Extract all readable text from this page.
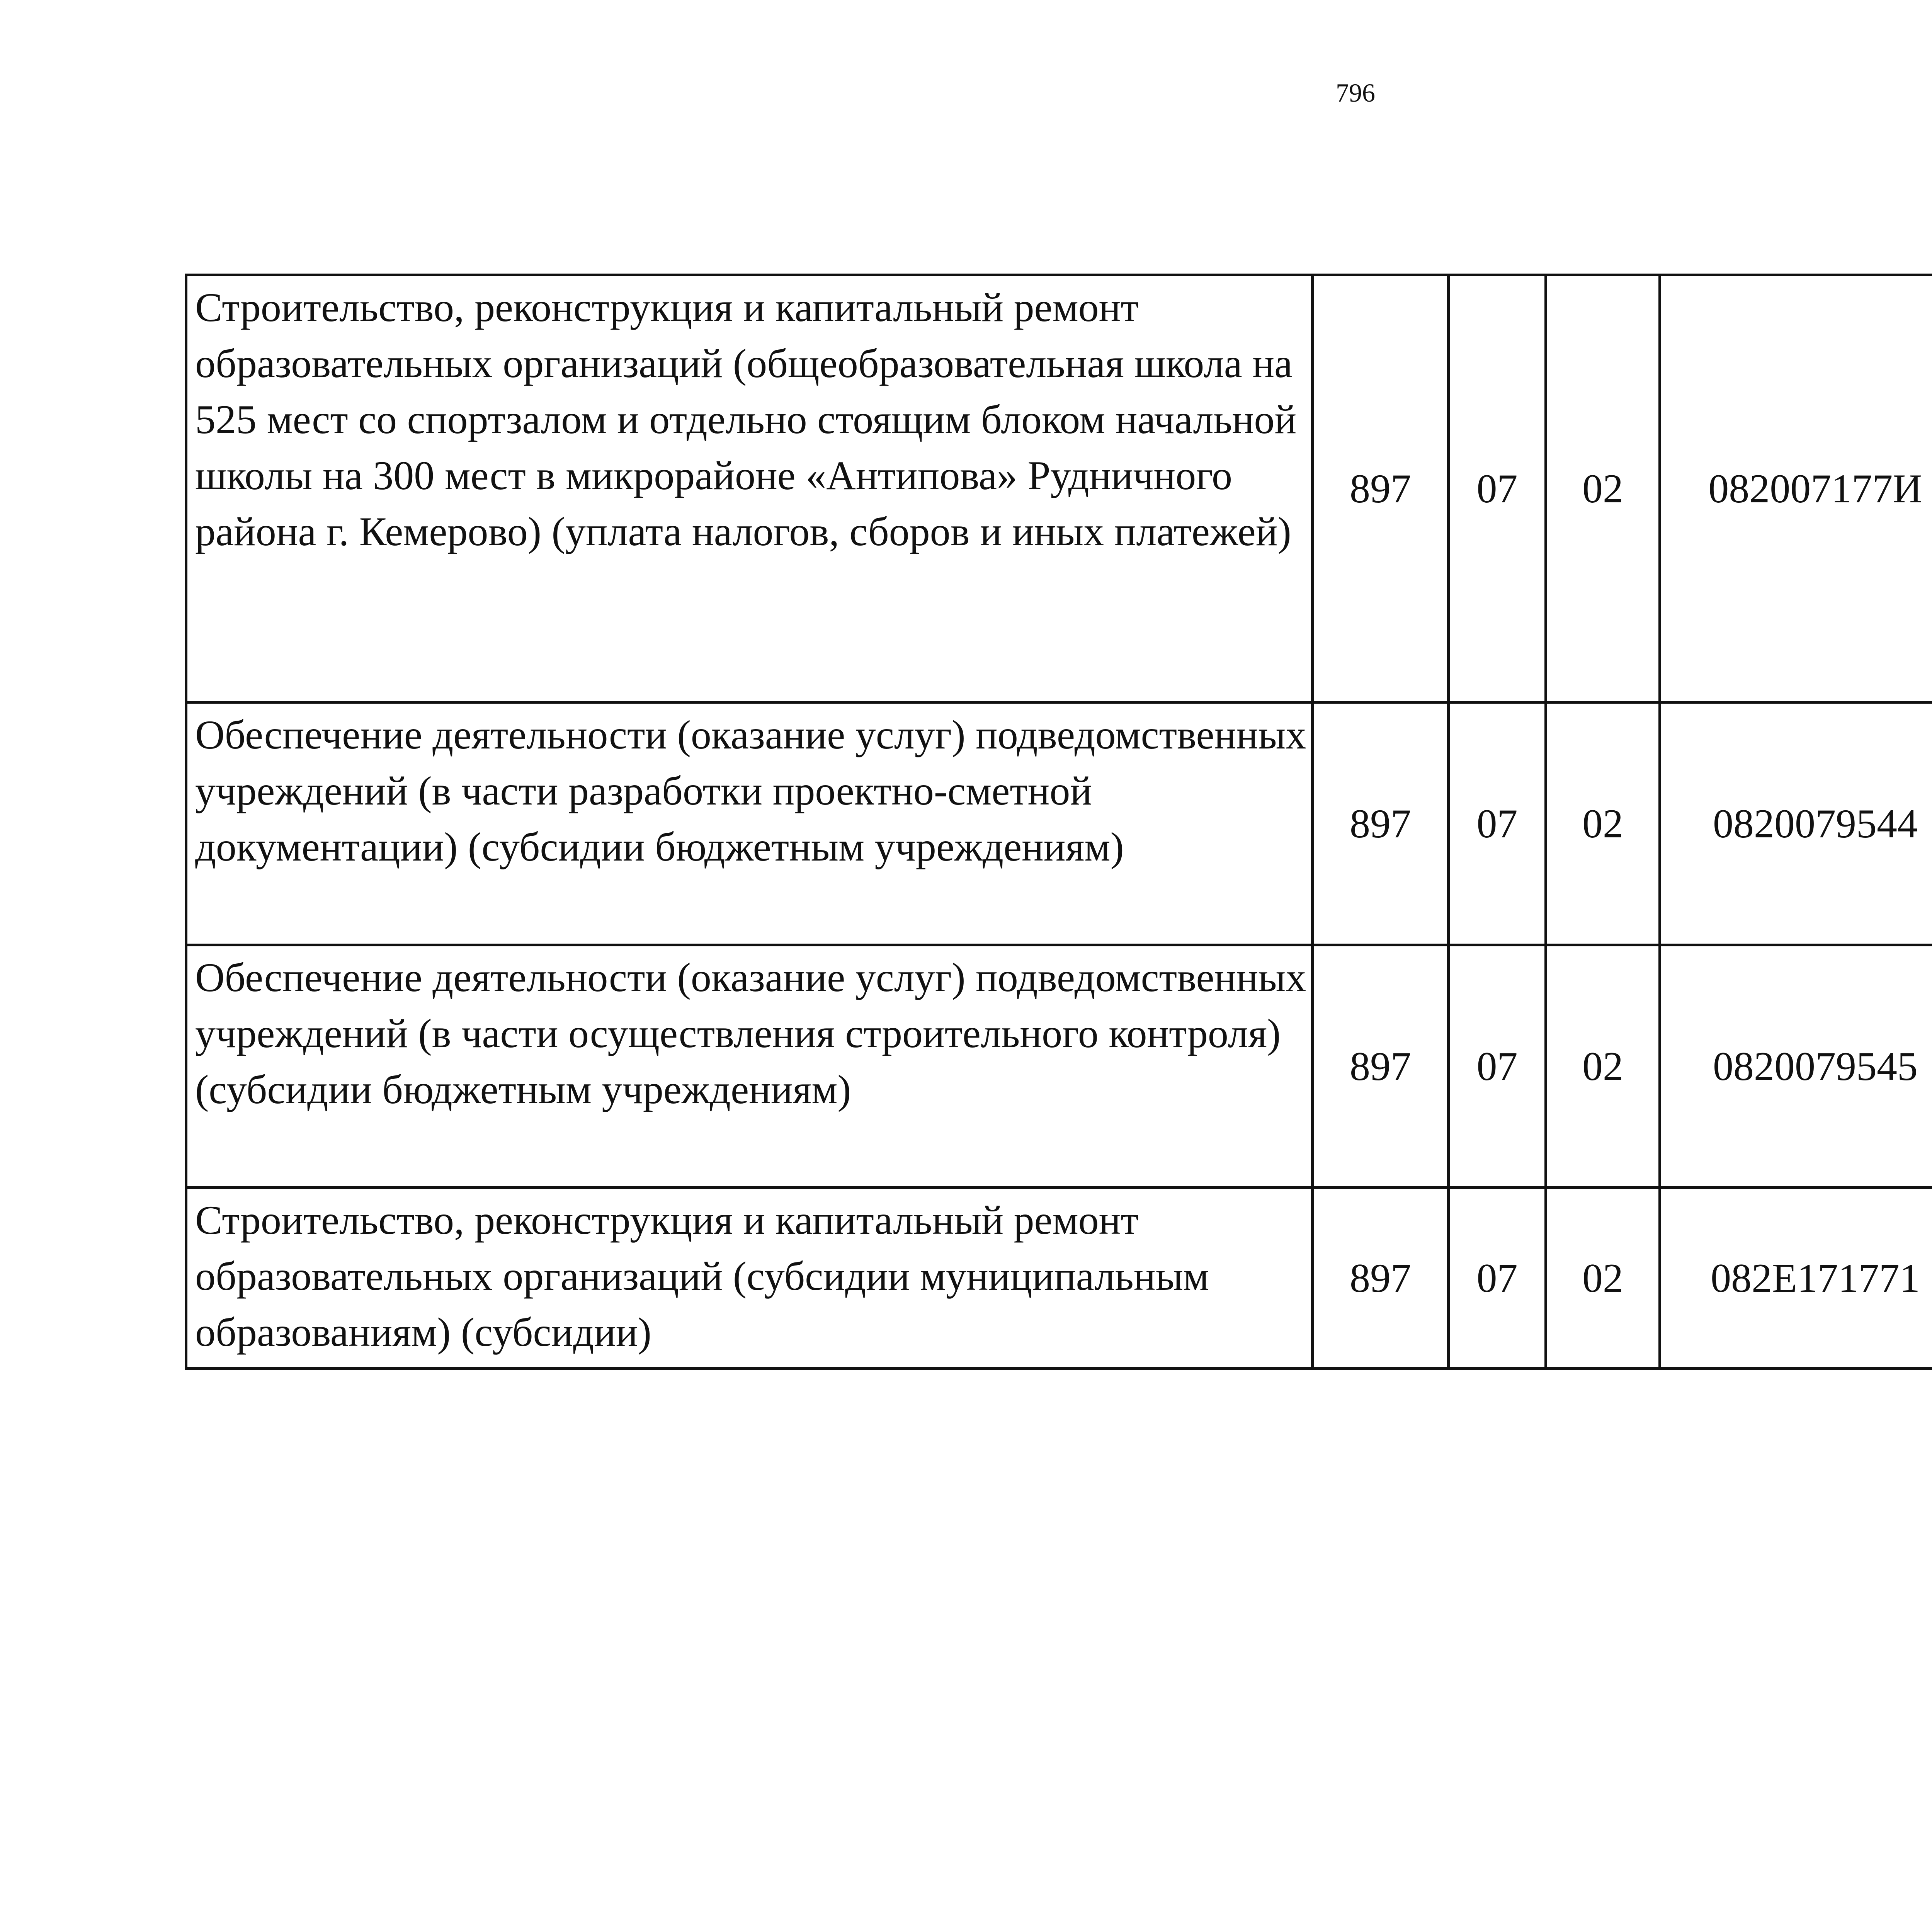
796
Строительство, реконструкция и капитальный ремонт образовательных организаций (общеобразовательная школа на 525 мест со спортзалом и отдельно стоящим блоком начальной школы на 300 мест в микрорайоне «Антипова» Рудничного района г. Кемерово) (уплата налогов, сборов и иных платежей)	897	07	02	082007177И		
Обеспечение деятельности (оказание услуг) подведомственных учреждений (в части разработки проектно-сметной документации) (субсидии бюджетным учреждениям)	897	07	02	0820079544		
Обеспечение деятельности (оказание услуг) подведомственных учреждений (в части осуществления строительного контроля) (субсидии бюджетным учреждениям)	897	07	02	0820079545		
Строительство, реконструкция и капитальный ремонт образовательных организаций (субсидии муниципальным образованиям) (субсидии)	897	07	02	082E171771		
